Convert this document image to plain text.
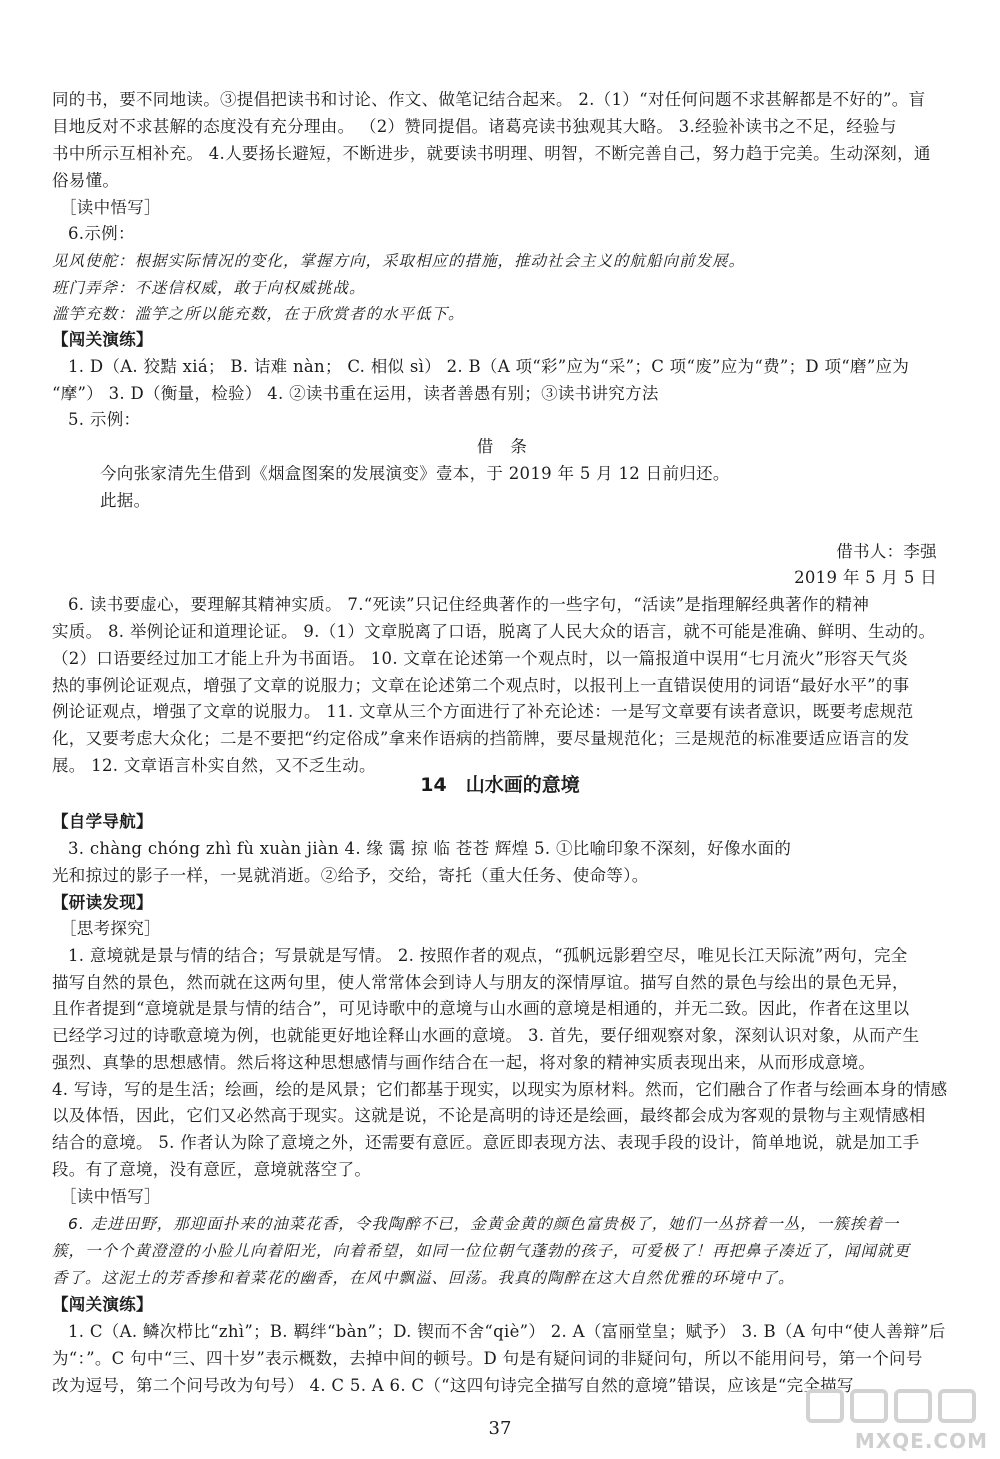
同的书，要不同地读。③提倡把读书和讨论、作文、做笔记结合起来。 2.（1）“对任何问题不求甚解都是不好的”。盲
目地反对不求甚解的态度没有充分理由。 （2）赞同提倡。诸葛亮读书独观其大略。 3.经验补读书之不足，经验与
书中所示互相补充。 4.人要扬长避短，不断进步，就要读书明理、明智，不断完善自己，努力趋于完美。生动深刻，通
俗易懂。
［读中悟写］
6.示例：
见风使舵：根据实际情况的变化，掌握方向，采取相应的措施，推动社会主义的航船向前发展。
班门弄斧：不迷信权威，敢于向权威挑战。
滥竽充数：滥竽之所以能充数，在于欣赏者的水平低下。
【闯关演练】
1. D（A. 狡黠 xiá； B. 诘难 nàn； C. 相似 sì） 2. B（A 项“彩”应为“采”；C 项“废”应为“费”；D 项“磨”应为
“摩”） 3. D（衡量，检验） 4. ②读书重在运用，读者善愚有别；③读书讲究方法
5. 示例：
借　条
今向张家清先生借到《烟盒图案的发展演变》壹本，于 2019 年 5 月 12 日前归还。
此据。
借书人：李强
2019 年 5 月 5 日
6. 读书要虚心，要理解其精神实质。 7.“死读”只记住经典著作的一些字句，“活读”是指理解经典著作的精神
实质。 8. 举例论证和道理论证。 9.（1）文章脱离了口语，脱离了人民大众的语言，就不可能是准确、鲜明、生动的。
（2）口语要经过加工才能上升为书面语。 10. 文章在论述第一个观点时，以一篇报道中误用“七月流火”形容天气炎
热的事例论证观点，增强了文章的说服力；文章在论述第二个观点时，以报刊上一直错误使用的词语“最好水平”的事
例论证观点，增强了文章的说服力。 11. 文章从三个方面进行了补充论述：一是写文章要有读者意识，既要考虑规范
化，又要考虑大众化；二是不要把“约定俗成”拿来作语病的挡箭牌，要尽量规范化；三是规范的标准要适应语言的发
展。 12. 文章语言朴实自然，又不乏生动。
14　山水画的意境
【自学导航】
3. chàng chóng zhì fù xuàn jiàn 4. 缘 霭 掠 临 苍苍 辉煌 5. ①比喻印象不深刻，好像水面的
光和掠过的影子一样，一晃就消逝。②给予，交给，寄托（重大任务、使命等）。
【研读发现】
［思考探究］
1. 意境就是景与情的结合；写景就是写情。 2. 按照作者的观点，“孤帆远影碧空尽，唯见长江天际流”两句，完全
描写自然的景色，然而就在这两句里，使人常常体会到诗人与朋友的深情厚谊。描写自然的景色与绘出的景色无异，
且作者提到“意境就是景与情的结合”，可见诗歌中的意境与山水画的意境是相通的，并无二致。因此，作者在这里以
已经学习过的诗歌意境为例，也就能更好地诠释山水画的意境。 3. 首先，要仔细观察对象，深刻认识对象，从而产生
强烈、真挚的思想感情。然后将这种思想感情与画作结合在一起，将对象的精神实质表现出来，从而形成意境。
4. 写诗，写的是生活；绘画，绘的是风景；它们都基于现实，以现实为原材料。然而，它们融合了作者与绘画本身的情感
以及体悟，因此，它们又必然高于现实。这就是说，不论是高明的诗还是绘画，最终都会成为客观的景物与主观情感相
结合的意境。 5. 作者认为除了意境之外，还需要有意匠。意匠即表现方法、表现手段的设计，简单地说，就是加工手
段。有了意境，没有意匠，意境就落空了。
［读中悟写］
6. 走进田野，那迎面扑来的油菜花香，令我陶醉不已，金黄金黄的颜色富贵极了，她们一丛挤着一丛，一簇挨着一
簇，一个个黄澄澄的小脸儿向着阳光，向着希望，如同一位位朝气蓬勃的孩子，可爱极了！再把鼻子凑近了，闻闻就更
香了。这泥土的芳香掺和着菜花的幽香，在风中飘溢、回荡。我真的陶醉在这大自然优雅的环境中了。
【闯关演练】
1. C（A. 鳞次栉比“zhì”；B. 羁绊“bàn”；D. 锲而不舍“qiè”） 2. A（富丽堂皇；赋予） 3. B（A 句中“使人善辩”后
为“：”。C 句中“三、四十岁”表示概数，去掉中间的顿号。D 句是有疑问词的非疑问句，所以不能用问号，第一个问号
改为逗号，第二个问号改为句号） 4. C 5. A 6. C（“这四句诗完全描写自然的意境”错误，应该是“完全描写
37
MXQE.COM
